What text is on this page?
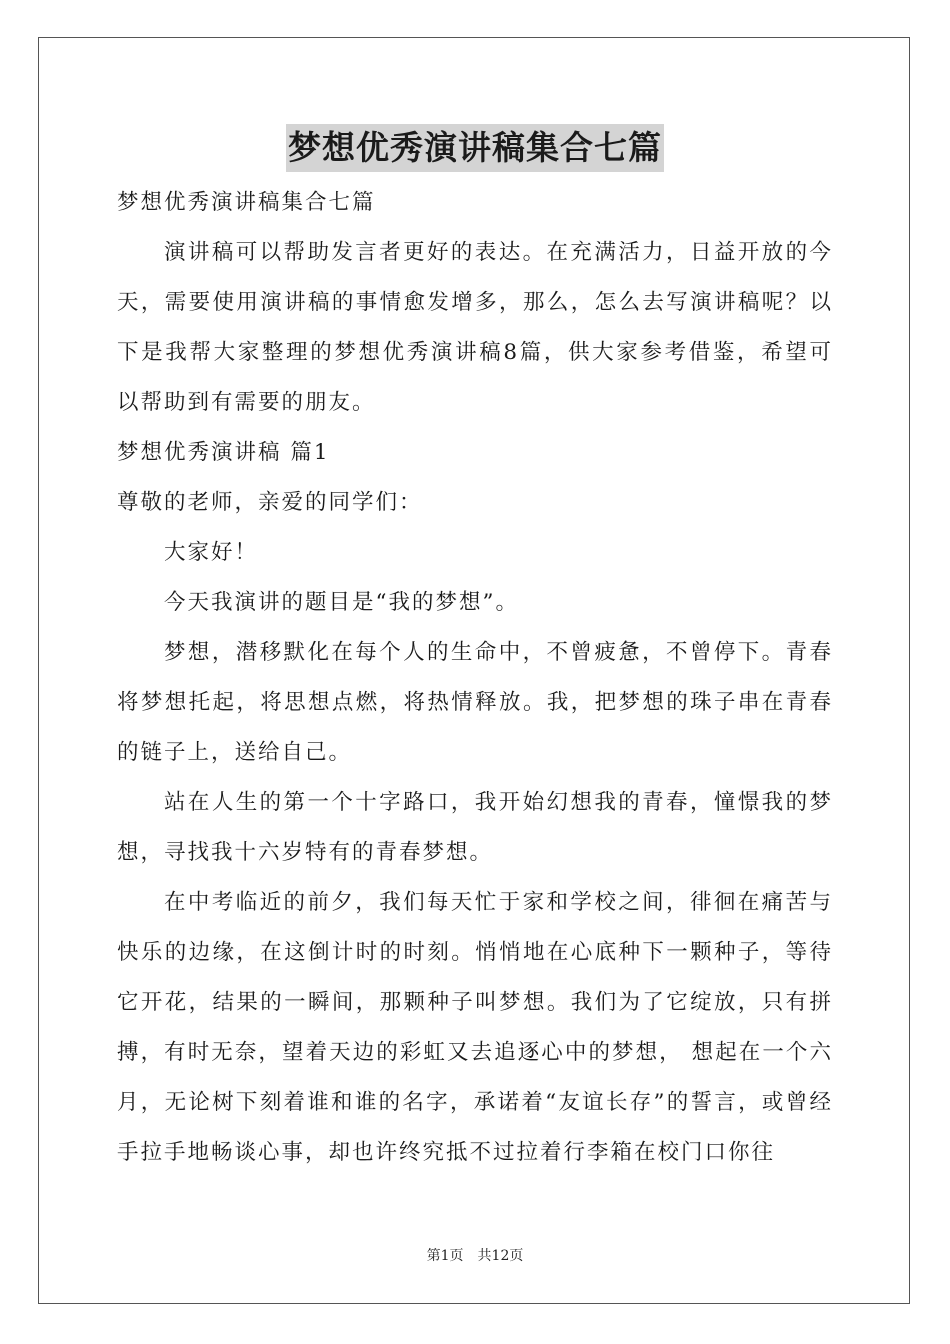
梦想优秀演讲稿集合七篇

梦想优秀演讲稿集合七篇

演讲稿可以帮助发言者更好的表达。在充满活力，日益开放的今天，需要使用演讲稿的事情愈发增多，那么，怎么去写演讲稿呢？以下是我帮大家整理的梦想优秀演讲稿8篇，供大家参考借鉴，希望可以帮助到有需要的朋友。

梦想优秀演讲稿 篇1

尊敬的老师，亲爱的同学们：

大家好！

今天我演讲的题目是“我的梦想”。

梦想，潜移默化在每个人的生命中，不曾疲惫，不曾停下。青春将梦想托起，将思想点燃，将热情释放。我，把梦想的珠子串在青春的链子上，送给自己。

站在人生的第一个十字路口，我开始幻想我的青春，憧憬我的梦想，寻找我十六岁特有的青春梦想。

在中考临近的前夕，我们每天忙于家和学校之间，徘徊在痛苦与快乐的边缘，在这倒计时的时刻。悄悄地在心底种下一颗种子，等待它开花，结果的一瞬间，那颗种子叫梦想。我们为了它绽放，只有拼搏，有时无奈，望着天边的彩虹又去追逐心中的梦想， 想起在一个六月，无论树下刻着谁和谁的名字，承诺着“友谊长存”的誓言，或曾经手拉手地畅谈心事，却也许终究抵不过拉着行李箱在校门口你往

第1页 共12页
